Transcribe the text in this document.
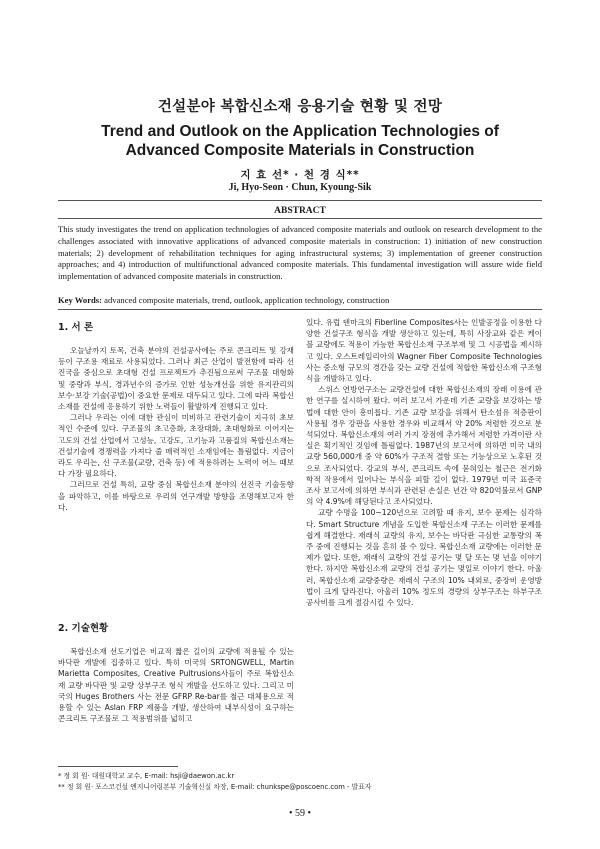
건설분야 복합신소재 응용기술 현황 및 전망
Trend and Outlook on the Application Technologies of
Advanced Composite Materials in Construction
지 효 선* · 천 경 식**
Ji, Hyo-Seon · Chun, Kyoung-Sik
ABSTRACT

This study investigates the trend on application technologies of advanced composite materials and outlook on research development to the challenges associated with innovative applications of advanced composite materials in construction: 1) initiation of new construction materials; 2) development of rehabilitation techniques for aging infrastructural systems; 3) implementation of greener construction approaches; and 4) introduction of multifunctional advanced composite materials. This fundamental investigation will assure wide field implementation of advanced composite materials in construction.

Key Words: advanced composite materials, trend, outlook, application technology, construction

1. 서 론

오늘날까지 토목, 건축 분야의 건설공사에는 주로 콘크리트 및 강재 등이 구조용 재료로 사용되었다. 그러나 최근 산업이 발전함에 따라 선진국을 중심으로 초대형 건설 프로젝트가 추진됨으로써 구조물 대형화 및 중량과 부식, 경과년수의 증가로 인한 성능개선을 위한 유지관리의 보수·보강 기술(공법)이 중요한 문제로 대두되고 있다. 그에 따라 복합신소재를 건설에 응용하기 위한 노력들이 활발하게 진행되고 있다.

그러나 우리는 이에 대한 관심이 미비하고 관련기술이 지극히 초보적인 수준에 있다. 구조물의 초고층화, 초장대화, 초대형화로 이어지는 고도의 건설 산업에서 고성능, 고강도, 고기능과 고품질의 복합신소재는 건설기술에 경쟁력을 가져다 줄 매력적인 소재임에는 틀림없다. 지금이라도 우리는, 신 구조물(교량, 건축 등) 에 적용하려는 노력이 어느 때보다 가장 필요하다.

그러므로 건설 특히, 교량 중심 복합신소재 분야의 선진국 기술동향을 파악하고, 이를 바탕으로 우리의 연구개발 방향을 조명해보고자 한다.

2. 기술현황

복합신소재 선도기업은 비교적 짧은 길이의 교량에 적용될 수 있는 바닥판 개발에 집중하고 있다. 특히 미국의 SRTONGWELL, Martin Marietta Composites, Creative Pultrusions사들이 주로 복합신소재 교량 바닥판 및 교량 상부구조 형식 개발을 선도하고 있다. 그리고 미국의 Huges Brothers 사는 전문 GFRP Re-bar를 철근 대체용으로 적용할 수 있는 Aslan FRP 제품을 개발, 생산하여 내부식성이 요구하는 콘크리트 구조물로 그 적용범위를 넓히고

있다. 유럽 덴마크의 Fiberline Composites사는 인발공정을 이용한 다양한 건설구조 형식을 개발 생산하고 있는데, 특히 사장교와 같은 케이블 교량에도 적용이 가능한 복합신소재 구조부재 및 그 시공법을 제시하고 있다. 오스트레일리아의 Wagner Fiber Composite Technologies 사는 중소형 규모의 경간을 갖는 교량 건설에 적합한 복합신소재 구조형식을 개발하고 있다.

스위스 연방연구소는 교량건설에 대한 복합신소재의 장래 이용에 관한 연구를 실시하여 왔다. 여러 보고서 가운데 기존 교량을 보강하는 방법에 대한 안이 흥미롭다. 기존 교량 보강을 위해서 탄소섬유 적층판이 사용될 경우 강판을 사용한 경우와 비교해서 약 20% 저렴한 것으로 분석되었다. 복합신소재의 여러 가지 장점에 추가해서 저렴한 가격이란 사실은 획기적인 것임에 틀림없다. 1987년의 보고서에 의하면 미국 내의 교량 560,000개 중 약 60%가 구조적 결함 또는 기능상으로 노후된 것으로 조사되었다. 강교의 부식, 콘크리트 속에 묻혀있는 철근은 전기화학적 작용에서 일어나는 부식을 피할 길이 없다. 1979년 미국 표준국 조사 보고서에 의하면 부식과 관련된 손실은 년간 약 820억불로서 GNP의 약 4.9%에 해당된다고 조사되었다.

교량 수명을 100~120년으로 고려할 때 유지, 보수 문제는 심각하다. Smart Structure 개념을 도입한 복합신소재 구조는 이러한 문제를 쉽게 해결한다. 재래식 교량의 유지, 보수는 바닥판 극심한 교통량의 폭주 중에 진행되는 것을 흔히 볼 수 있다. 복합신소재 교량에는 이러한 문제가 없다. 또한, 재래식 교량의 건설 공기는 몇 달 또는 몇 년을 이야기 한다. 하지만 복합신소재 교량의 건설 공기는 몇일로 이야기 한다. 아울러, 복합신소재 교량중량은 재래식 구조의 10% 내외로, 중장비 운영방법이 크게 달라진다. 아울러 10% 정도의 경량의 상부구조는 하부구조 공사비를 크게 절감시킬 수 있다.

* 정 회 원· 대원대학교 교수, E-mail: hsji@daewon.ac.kr
** 정 회 원· 포스코건설 엔지니어링본부 기술혁신실 차장, E-mail: chunkspe@poscoenc.com - 발표자
• 59 •
